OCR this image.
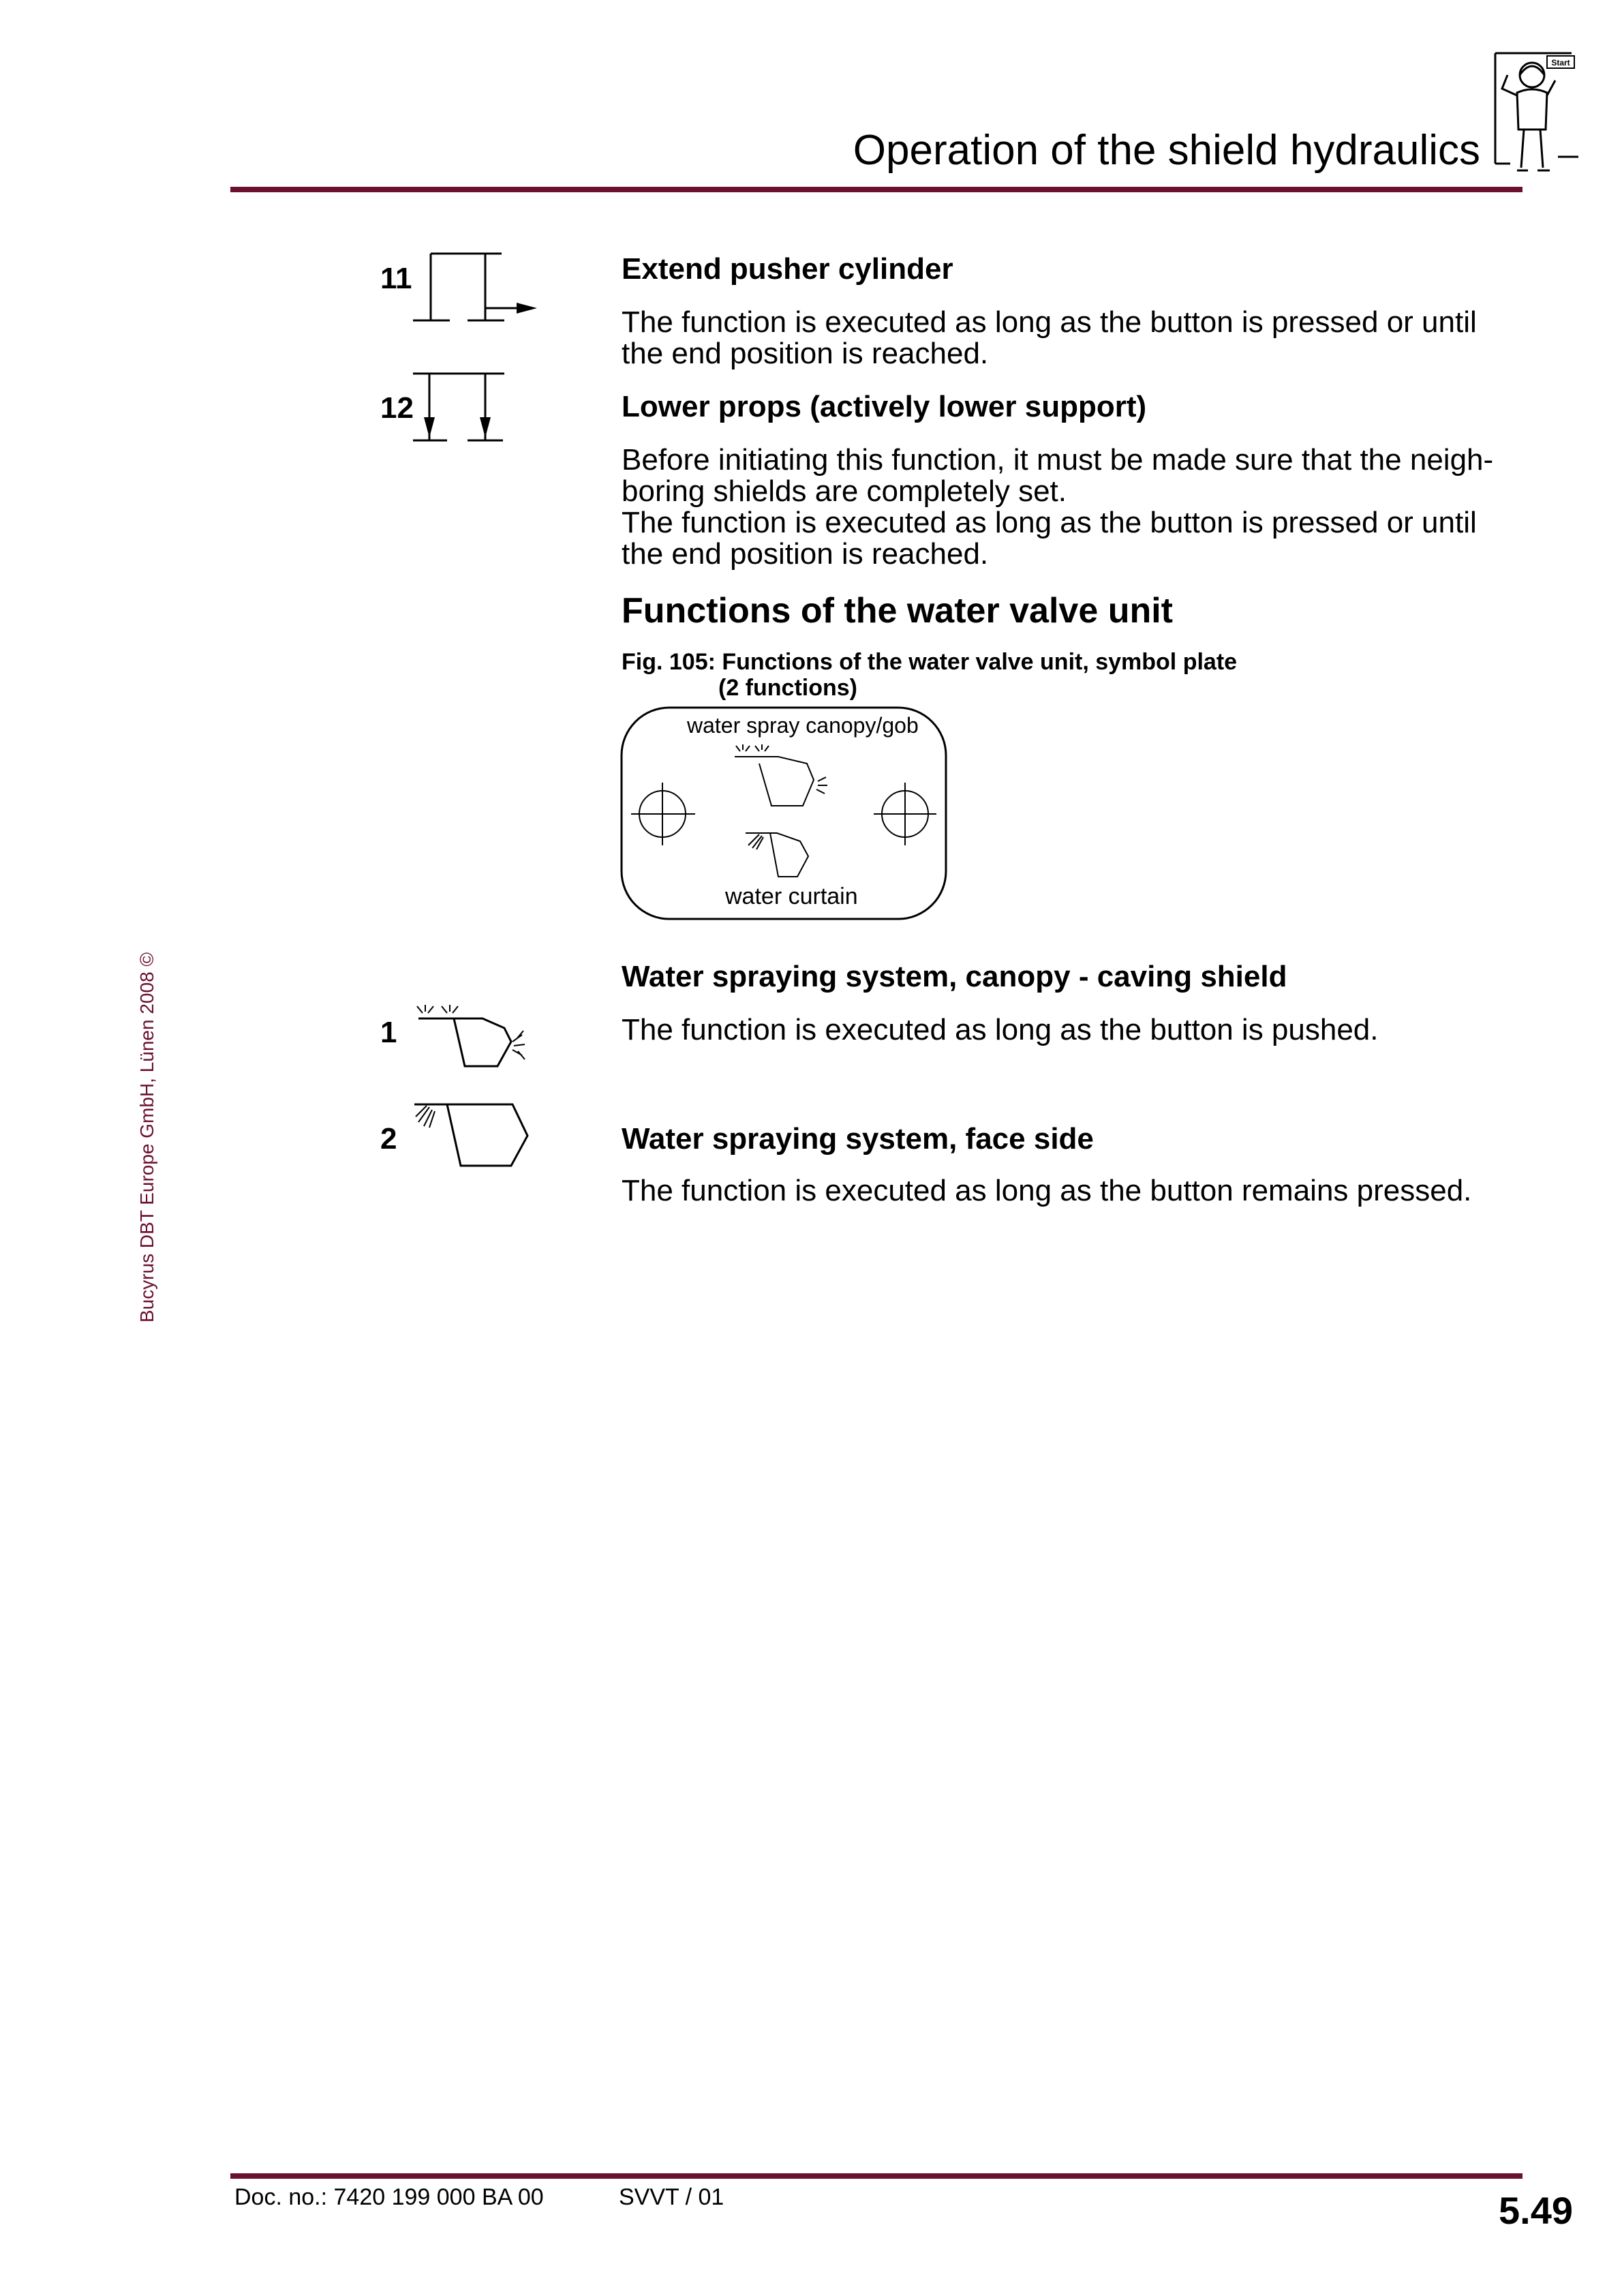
Operation of the shield hydraulics
Start
11	Extend pusher cylinder
The function is executed as long as the button is pressed or until the end position is reached.
12	Lower props (actively lower support)
Before initiating this function, it must be made sure that the neigh-boring shields are completely set.
The function is executed as long as the button is pressed or until the end position is reached.
Functions of the water valve unit
Fig. 105: Functions of the water valve unit, symbol plate
(2 functions)
water spray canopy/gob
water curtain
1
Water spraying system, canopy - caving shield
The function is executed as long as the button is pushed.
2	Water spraying system, face side
The function is executed as long as the button remains pressed.
Bucyrus DBT Europe GmbH, Lünen 2008 ©
Doc. no.: 7420 199 000 BA 00	SVVT / 01	5.49
